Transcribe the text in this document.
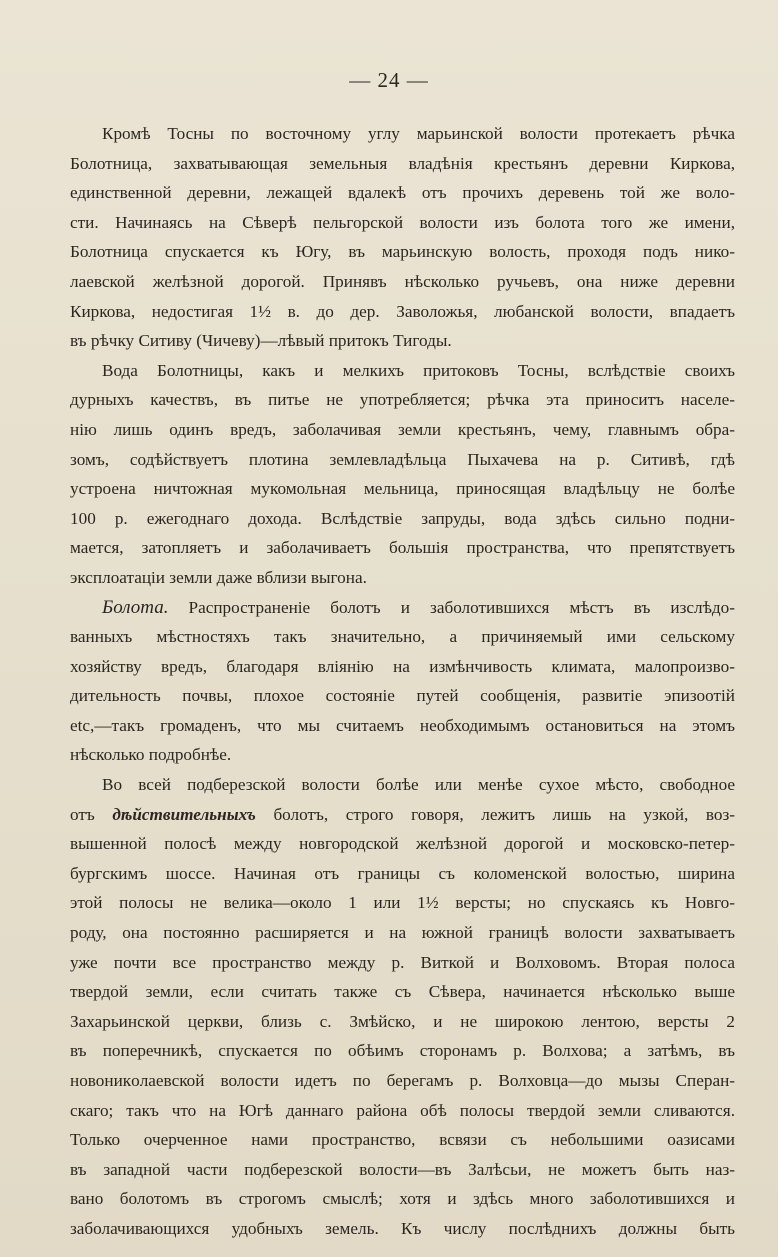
— 24 —
Кромѣ Тосны по восточному углу марьинской волости протекаетъ рѣчка
Болотница, захватывающая земельныя владѣнія крестьянъ деревни Киркова,
единственной деревни, лежащей вдалекѣ отъ прочихъ деревень той же воло-
сти. Начинаясь на Сѣверѣ пельгорской волости изъ болота того же имени,
Болотница спускается къ Югу, въ марьинскую волость, проходя подъ нико-
лаевской желѣзной дорогой. Принявъ нѣсколько ручьевъ, она ниже деревни
Киркова, недостигая 1½ в. до дер. Заволожья, любанской волости, впадаетъ
въ рѣчку Ситиву (Чичеву)—лѣвый притокъ Тигоды.
Вода Болотницы, какъ и мелкихъ притоковъ Тосны, вслѣдствіе своихъ
дурныхъ качествъ, въ питье не употребляется; рѣчка эта приноситъ населе-
нію лишь одинъ вредъ, заболачивая земли крестьянъ, чему, главнымъ обра-
зомъ, содѣйствуетъ плотина землевладѣльца Пыхачева на р. Ситивѣ, гдѣ
устроена ничтожная мукомольная мельница, приносящая владѣльцу не болѣе
100 р. ежегоднаго дохода. Вслѣдствіе запруды, вода здѣсь сильно подни-
мается, затопляетъ и заболачиваетъ большія пространства, что препятствуетъ
эксплоатаціи земли даже вблизи выгона.
Болота. Распространеніе болотъ и заболотившихся мѣстъ въ изслѣдо-
ванныхъ мѣстностяхъ такъ значительно, а причиняемый ими сельскому
хозяйству вредъ, благодаря вліянію на измѣнчивость климата, малопроизво-
дительность почвы, плохое состояніе путей сообщенія, развитіе эпизоотій
etc,—такъ громаденъ, что мы считаемъ необходимымъ остановиться на этомъ
нѣсколько подробнѣе.
Во всей подберезской волости болѣе или менѣе сухое мѣсто, свободное
отъ дѣйствительныхъ болотъ, строго говоря, лежитъ лишь на узкой, воз-
вышенной полосѣ между новгородской желѣзной дорогой и московско-петер-
бургскимъ шоссе. Начиная отъ границы съ коломенской волостью, ширина
этой полосы не велика—около 1 или 1½ версты; но спускаясь къ Новго-
роду, она постоянно расширяется и на южной границѣ волости захватываетъ
уже почти все пространство между р. Виткой и Волховомъ. Вторая полоса
твердой земли, если считать также съ Сѣвера, начинается нѣсколько выше
Захарьинской церкви, близь с. Змѣйско, и не широкою лентою, версты 2
въ поперечникѣ, спускается по обѣимъ сторонамъ р. Волхова; а затѣмъ, въ
новоникoлаевской волости идетъ по берегамъ р. Волховца—до мызы Сперан-
скаго; такъ что на Югѣ даннаго района обѣ полосы твердой земли сливаются.
Только очерченное нами пространство, всвязи съ небольшими оазисами
въ западной части подберезской волости—въ Залѣсьи, не можетъ быть наз-
вано болотомъ въ строгомъ смыслѣ; хотя и здѣсь много заболотившихся и
заболачивающихся удобныхъ земель. Къ числу послѣднихъ должны быть
